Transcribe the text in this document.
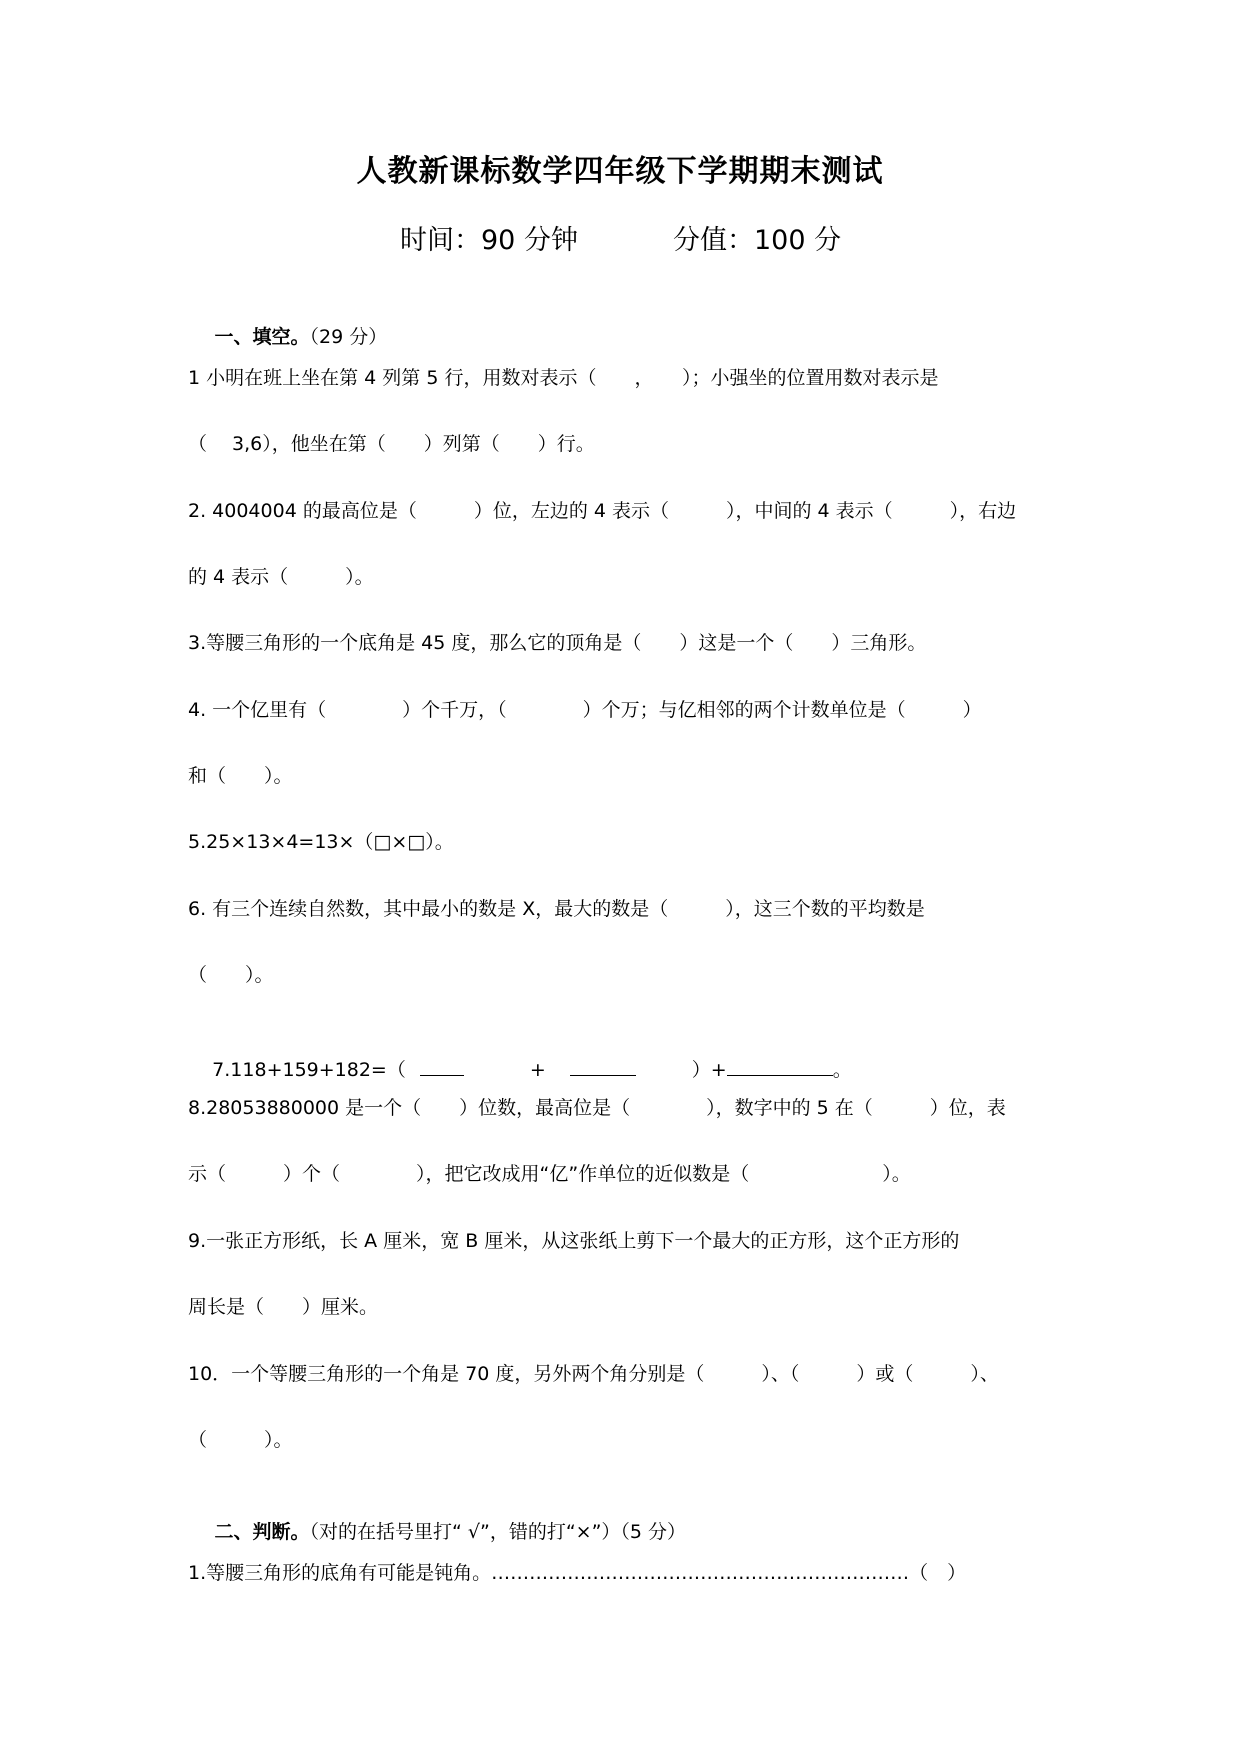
人教新课标数学四年级下学期期末测试
时间：90 分钟	分值：100 分

一、填空。（29 分）

1 小明在班上坐在第 4 列第 5 行，用数对表示（　　，　　）；小强坐的位置用数对表示是
（　 3,6），他坐在第（　　）列第（　　）行。
2. 4004004 的最高位是（　　　）位，左边的 4 表示（　　　），中间的 4 表示（　　　），右边
的 4 表示（　　　）。
3.等腰三角形的一个底角是 45 度，那么它的顶角是（　　）这是一个（　　）三角形。
4. 一个亿里有（　　　　）个千万，（　　　　）个万；与亿相邻的两个计数单位是（　　　）
和（　　）。
5.25×13×4=13×（□×□）。
6. 有三个连续自然数，其中最小的数是 X，最大的数是（　　　），这三个数的平均数是
（　　）。

7.118+159+182=（	+	）+	。

8.28053880000 是一个（　　）位数，最高位是（　　　　），数字中的 5 在（　　　）位，表
示（　　　）个（　　　　），把它改成用“亿”作单位的近似数是（　　　　　　　）。
9.一张正方形纸，长 A 厘米，宽 B 厘米，从这张纸上剪下一个最大的正方形，这个正方形的
周长是（　　）厘米。
10．一个等腰三角形的一个角是 70 度，另外两个角分别是（　　　）、（　　　）或（　　　）、
（　　　）。

二、判断。（对的在括号里打“ √”，错的打“×”）（5 分）

1.等腰三角形的底角有可能是钝角。…………………………………………………………（　）
